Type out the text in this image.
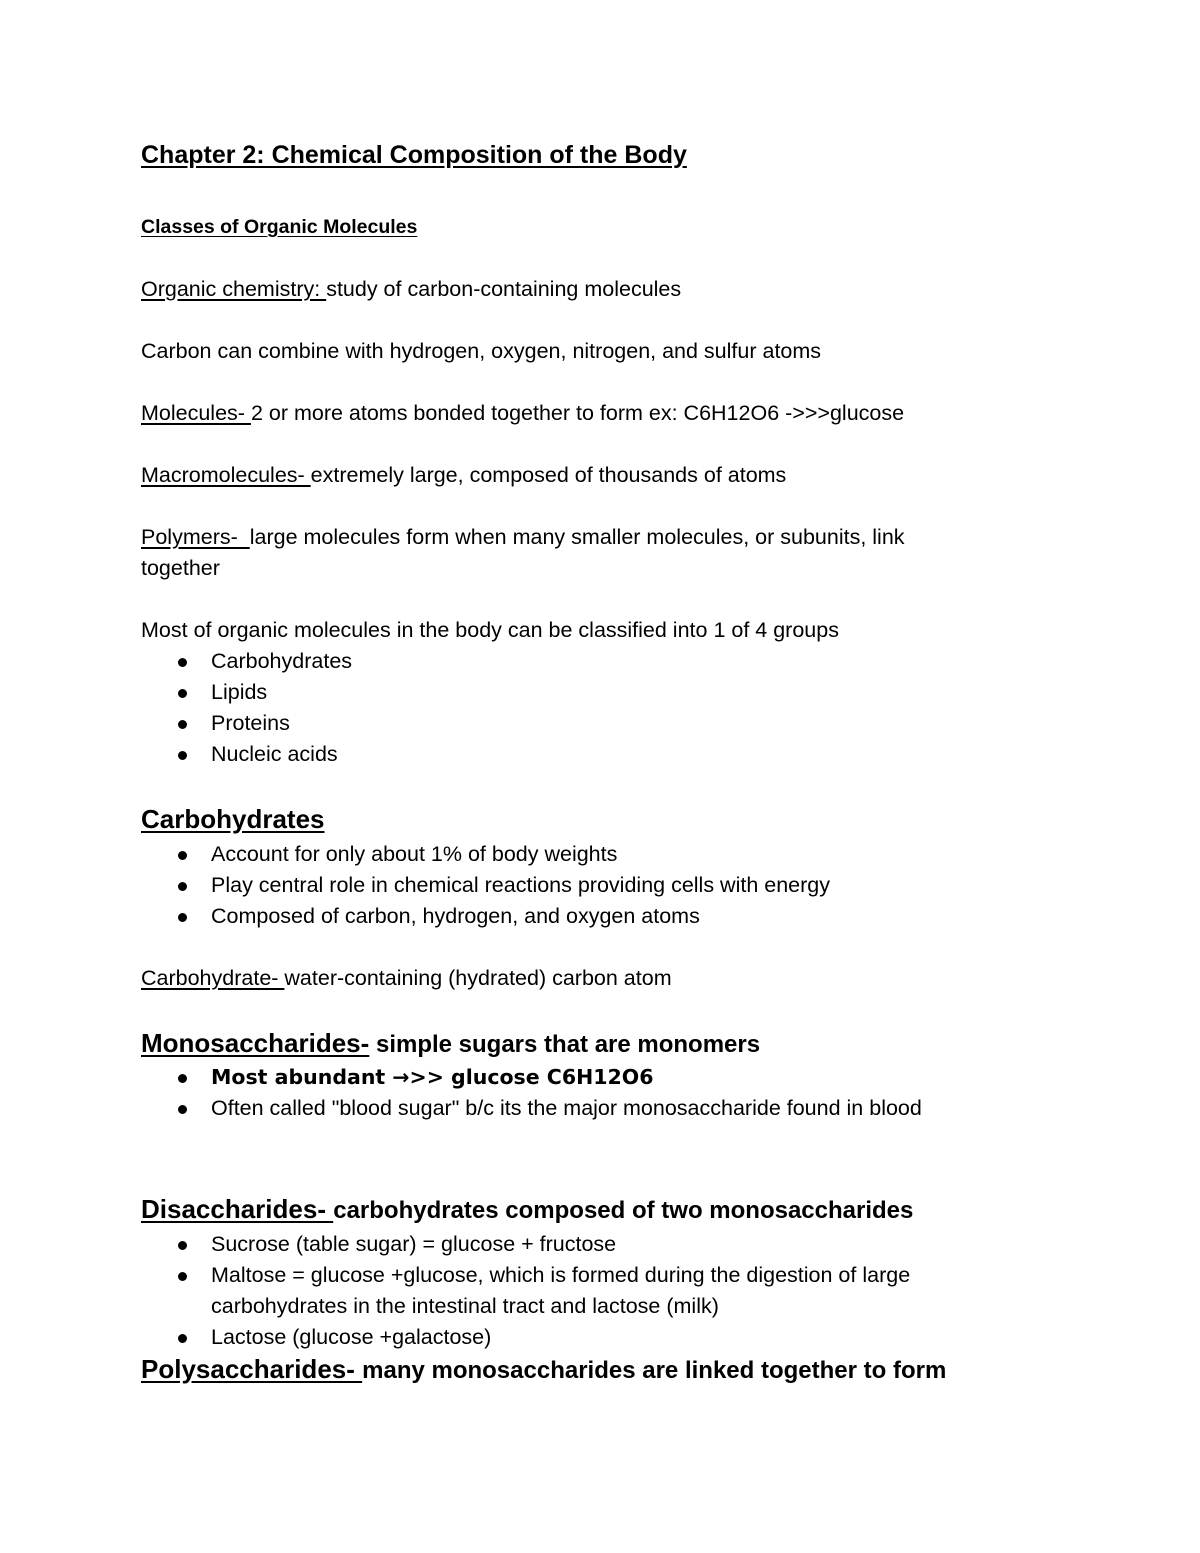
Chapter 2: Chemical Composition of the Body
Classes of Organic Molecules
Organic chemistry: study of carbon-containing molecules
Carbon can combine with hydrogen, oxygen, nitrogen, and sulfur atoms
Molecules- 2 or more atoms bonded together to form ex: C6H12O6 ->>>glucose
Macromolecules- extremely large, composed of thousands of atoms
Polymers-  large molecules form when many smaller molecules, or subunits, link
together
Most of organic molecules in the body can be classified into 1 of 4 groups
Carbohydrates
Lipids
Proteins
Nucleic acids
Carbohydrates
Account for only about 1% of body weights
Play central role in chemical reactions providing cells with energy
Composed of carbon, hydrogen, and oxygen atoms
Carbohydrate- water-containing (hydrated) carbon atom
Monosaccharides- simple sugars that are monomers
Most abundant →>> glucose C6H12O6
Often called "blood sugar" b/c its the major monosaccharide found in blood
Disaccharides- carbohydrates composed of two monosaccharides
Sucrose (table sugar) = glucose + fructose
Maltose = glucose +glucose, which is formed during the digestion of large
carbohydrates in the intestinal tract and lactose (milk)
Lactose (glucose +galactose)
Polysaccharides- many monosaccharides are linked together to form
